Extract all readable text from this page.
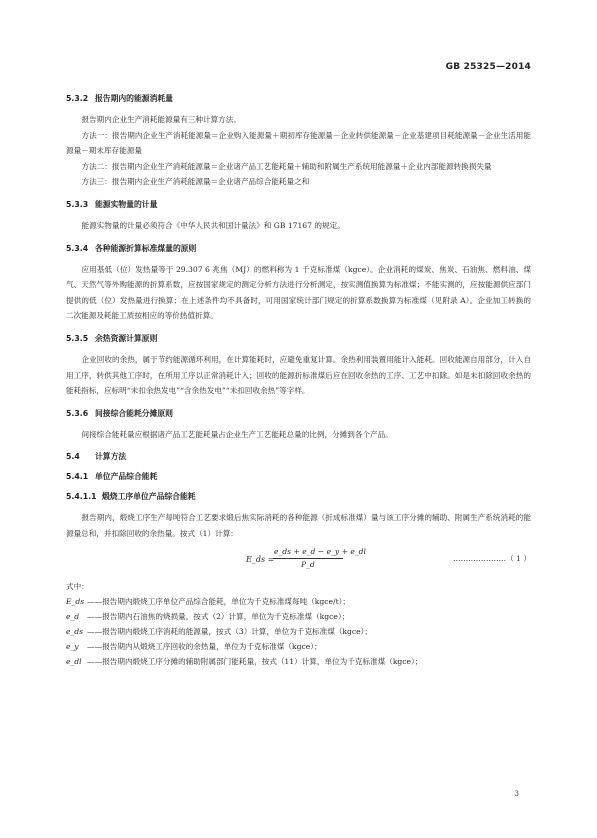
GB 25325—2014
5.3.2 报告期内的能源消耗量

报告期内企业生产消耗能源量有三种计算方法。

方法一：报告期内企业生产消耗能源量＝企业购入能源量＋期初库存能源量－企业转供能源量－企业基建项目耗能源量－企业生活用能源量－期末库存能源量

方法二：报告期内企业生产消耗能源量＝企业诸产品工艺能耗量＋辅助和附属生产系统用能源量＋企业内部能源转换损失量

方法三：报告期内企业生产消耗能源量＝企业诸产品综合能耗量之和

5.3.3 能源实物量的计量

能源实物量的计量必须符合《中华人民共和国计量法》和 GB 17167 的规定。

5.3.4 各种能源折算标准煤量的原则

应用基低（位）发热量等于 29.307 6 兆焦（MJ）的燃料称为 1 千克标准煤（kgce）。企业消耗的煤炭、焦炭、石油焦、燃料油、煤气、天然气等外购能源的折算系数，应按国家规定的测定分析方法进行分析测定，按实测值换算为标准煤；不能实测的，应按能源供应部门提供的低（位）发热量进行换算；在上述条件均不具备时，可用国家统计部门规定的折算系数换算为标准煤（见附录 A）。企业加工转换的二次能源及耗能工质按相应的等价热值折算。

5.3.5 余热资源计算原则

企业回收的余热，属于节约能源循环利用，在计算能耗时，应避免重复计算。余热利用装置用能计入能耗。回收能源自用部分，计入自用工序，转供其他工序时，在所用工序以正常消耗计入；回收的能源折标准煤后应在回收余热的工序、工艺中扣除。如是未扣除回收余热的能耗指标，应标明“未扣余热发电”“含余热发电”“未扣回收余热”等字样。

5.3.6 间接综合能耗分摊原则

间接综合能耗量应根据诸产品工艺能耗量占企业生产工艺能耗总量的比例，分摊到各个产品。

5.4 计算方法
5.4.1 单位产品综合能耗
5.4.1.1 煅烧工序单位产品综合能耗

报告期内，煅烧工序生产每吨符合工艺要求煅后焦实际消耗的各种能源（折成标准煤）量与该工序分摊的辅助、附属生产系统消耗的能源量总和，并扣除回收的余热量。按式（1）计算：

E_ds =
e_ds + e_d − e_y + e_dl
P_d
…………………（ 1 ）

式中：

E_ds ——报告期内煅烧工序单位产品综合能耗，单位为千克标准煤每吨（kgce/t）；
e_d	——报告期内石油焦的烧损量，按式（2）计算，单位为千克标准煤（kgce）；
e_ds ——报告期内煅烧工序消耗的能源量，按式（3）计算，单位为千克标准煤（kgce）；
e_y	——报告期内从煅烧工序回收的余热量，单位为千克标准煤（kgce）；
e_dl ——报告期内煅烧工序分摊的辅助附属部门能耗量，按式（11）计算，单位为千克标准煤（kgce）；
3
